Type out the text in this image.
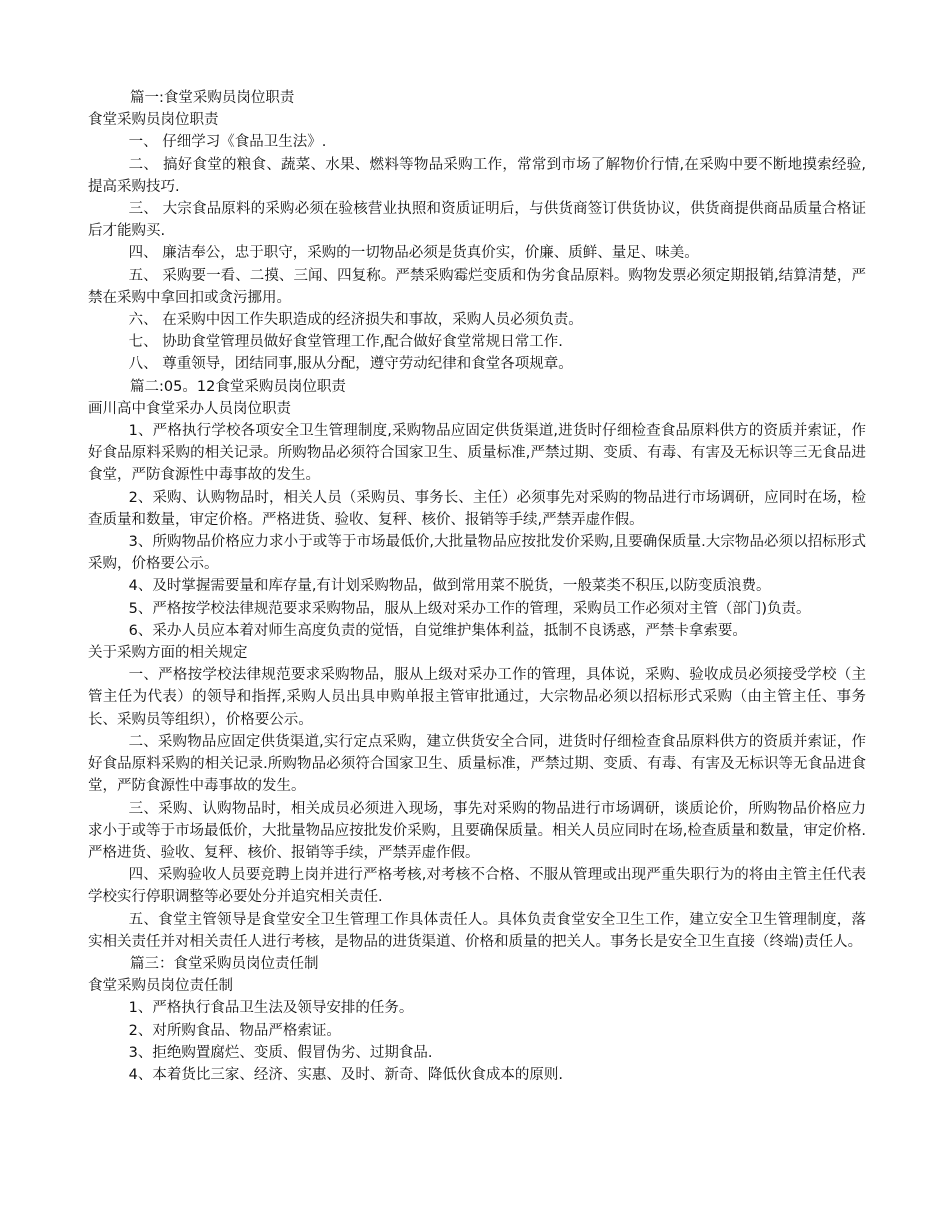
篇一:食堂采购员岗位职责

食堂采购员岗位职责

一、 仔细学习《食品卫生法》.

二、 搞好食堂的粮食、蔬菜、水果、燃料等物品采购工作，常常到市场了解物价行情,在采购中要不断地摸索经验,提高采购技巧.

三、 大宗食品原料的采购必须在验核营业执照和资质证明后，与供货商签订供货协议，供货商提供商品质量合格证后才能购买.

四、 廉洁奉公，忠于职守，采购的一切物品必须是货真价实，价廉、质鲜、量足、味美。

五、 采购要一看、二摸、三闻、四复称。严禁采购霉烂变质和伪劣食品原料。购物发票必须定期报销,结算清楚，严禁在采购中拿回扣或贪污挪用。

六、 在采购中因工作失职造成的经济损失和事故，采购人员必须负责。

七、 协助食堂管理员做好食堂管理工作,配合做好食堂常规日常工作.

八、 尊重领导，团结同事,服从分配，遵守劳动纪律和食堂各项规章。

篇二:05。12食堂采购员岗位职责

画川高中食堂采办人员岗位职责

1、严格执行学校各项安全卫生管理制度,采购物品应固定供货渠道,进货时仔细检查食品原料供方的资质并索证，作好食品原料采购的相关记录。所购物品必须符合国家卫生、质量标准,严禁过期、变质、有毒、有害及无标识等三无食品进食堂，严防食源性中毒事故的发生。

2、采购、认购物品时，相关人员（采购员、事务长、主任）必须事先对采购的物品进行市场调研，应同时在场，检查质量和数量，审定价格。严格进货、验收、复秤、核价、报销等手续,严禁弄虚作假。

3、所购物品价格应力求小于或等于市场最低价,大批量物品应按批发价采购,且要确保质量.大宗物品必须以招标形式采购，价格要公示。

4、及时掌握需要量和库存量,有计划采购物品，做到常用菜不脱货，一般菜类不积压,以防变质浪费。

5、严格按学校法律规范要求采购物品，服从上级对采办工作的管理，采购员工作必须对主管（部门)负责。

6、采办人员应本着对师生高度负责的觉悟，自觉维护集体利益，抵制不良诱惑，严禁卡拿索要。

关于采购方面的相关规定

一、严格按学校法律规范要求采购物品，服从上级对采办工作的管理，具体说，采购、验收成员必须接受学校（主管主任为代表）的领导和指挥,采购人员出具申购单报主管审批通过，大宗物品必须以招标形式采购（由主管主任、事务长、采购员等组织），价格要公示。

二、采购物品应固定供货渠道,实行定点采购，建立供货安全合同，进货时仔细检查食品原料供方的资质并索证，作好食品原料采购的相关记录.所购物品必须符合国家卫生、质量标准，严禁过期、变质、有毒、有害及无标识等无食品进食堂，严防食源性中毒事故的发生。

三、采购、认购物品时，相关成员必须进入现场，事先对采购的物品进行市场调研，谈质论价，所购物品价格应力求小于或等于市场最低价，大批量物品应按批发价采购，且要确保质量。相关人员应同时在场,检查质量和数量，审定价格.严格进货、验收、复秤、核价、报销等手续，严禁弄虚作假。

四、采购验收人员要竞聘上岗并进行严格考核,对考核不合格、不服从管理或出现严重失职行为的将由主管主任代表学校实行停职调整等必要处分并追究相关责任.

五、食堂主管领导是食堂安全卫生管理工作具体责任人。具体负责食堂安全卫生工作，建立安全卫生管理制度，落实相关责任并对相关责任人进行考核，是物品的进货渠道、价格和质量的把关人。事务长是安全卫生直接（终端)责任人。

篇三：食堂采购员岗位责任制

食堂采购员岗位责任制

1、严格执行食品卫生法及领导安排的任务。

2、对所购食品、物品严格索证。

3、拒绝购置腐烂、变质、假冒伪劣、过期食品.

4、本着货比三家、经济、实惠、及时、新奇、降低伙食成本的原则.
